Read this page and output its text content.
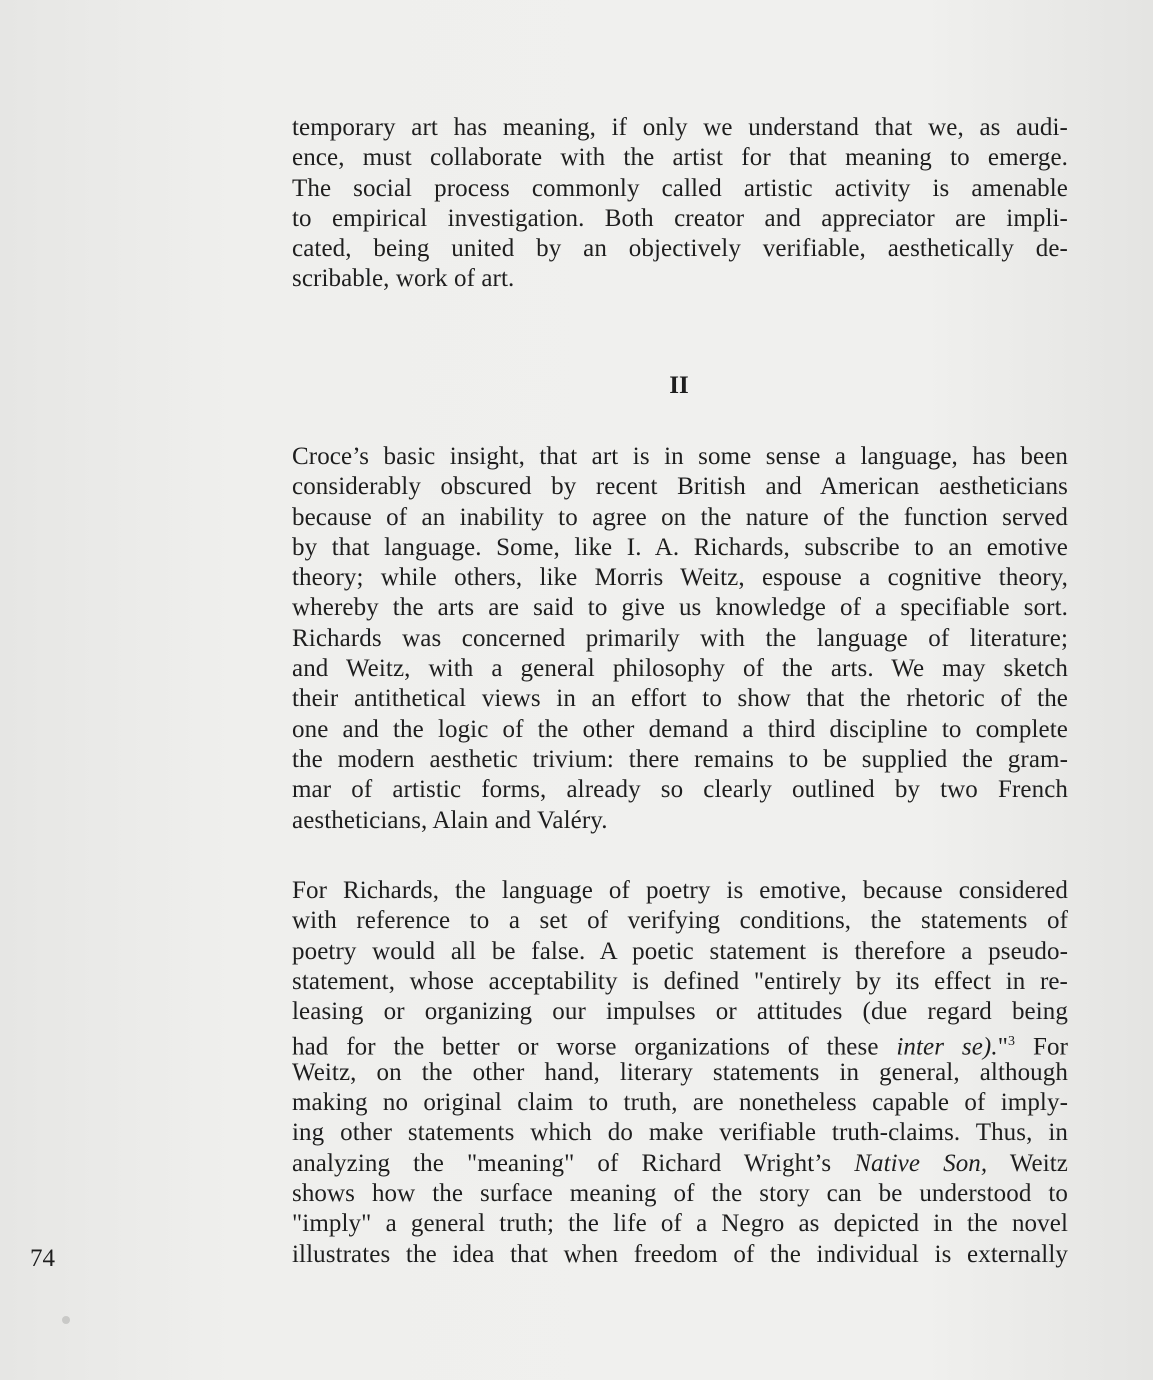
temporary art has meaning, if only we understand that we, as audi-
ence, must collaborate with the artist for that meaning to emerge.
The social process commonly called artistic activity is amenable
to empirical investigation. Both creator and appreciator are impli-
cated, being united by an objectively verifiable, aesthetically de-
scribable, work of art.
II
Croce’s basic insight, that art is in some sense a language, has been
considerably obscured by recent British and American aestheticians
because of an inability to agree on the nature of the function served
by that language. Some, like I. A. Richards, subscribe to an emotive
theory; while others, like Morris Weitz, espouse a cognitive theory,
whereby the arts are said to give us knowledge of a specifiable sort.
Richards was concerned primarily with the language of literature;
and Weitz, with a general philosophy of the arts. We may sketch
their antithetical views in an effort to show that the rhetoric of the
one and the logic of the other demand a third discipline to complete
the modern aesthetic trivium: there remains to be supplied the gram-
mar of artistic forms, already so clearly outlined by two French
aestheticians, Alain and Valéry.
For Richards, the language of poetry is emotive, because considered
with reference to a set of verifying conditions, the statements of
poetry would all be false. A poetic statement is therefore a pseudo-
statement, whose acceptability is defined "entirely by its effect in re-
leasing or organizing our impulses or attitudes (due regard being
had for the better or worse organizations of these inter se)."$^3$ For
Weitz, on the other hand, literary statements in general, although
making no original claim to truth, are nonetheless capable of imply-
ing other statements which do make verifiable truth-claims. Thus, in
analyzing the "meaning" of Richard Wright’s Native Son, Weitz
shows how the surface meaning of the story can be understood to
"imply" a general truth; the life of a Negro as depicted in the novel
illustrates the idea that when freedom of the individual is externally
74
